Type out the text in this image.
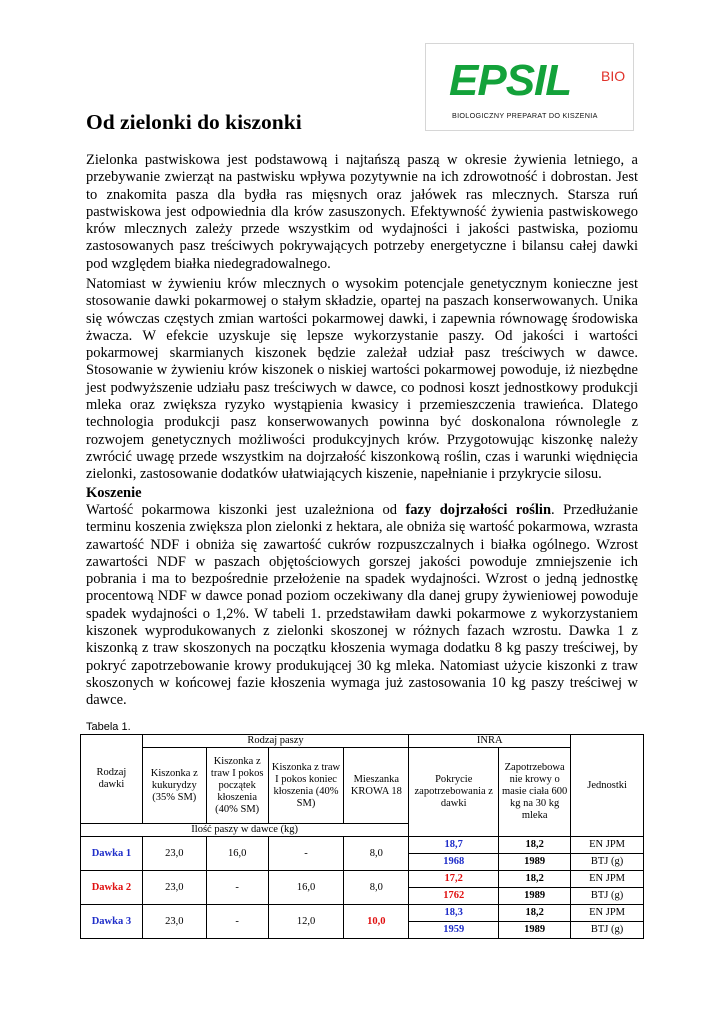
EPSIL BIO
BIOLOGICZNY PREPARAT DO KISZENIA
Od zielonki do kiszonki

Zielonka pastwiskowa jest podstawową i najtańszą paszą w okresie żywienia letniego, a przebywanie zwierząt na pastwisku wpływa pozytywnie na ich zdrowotność i dobrostan. Jest to znakomita pasza dla bydła ras mięsnych oraz jałówek ras mlecznych. Starsza ruń pastwiskowa jest odpowiednia dla krów zasuszonych. Efektywność żywienia pastwiskowego krów mlecznych zależy przede wszystkim od wydajności i jakości pastwiska, poziomu zastosowanych pasz treściwych pokrywających potrzeby energetyczne i bilansu całej dawki pod względem białka niedegradowalnego.

Natomiast w żywieniu krów mlecznych o wysokim potencjale genetycznym konieczne jest stosowanie dawki pokarmowej o stałym składzie, opartej na paszach konserwowanych. Unika się wówczas częstych zmian wartości pokarmowej dawki, i zapewnia równowagę środowiska żwacza. W efekcie uzyskuje się lepsze wykorzystanie paszy. Od jakości i wartości pokarmowej skarmianych kiszonek będzie zależał udział pasz treściwych w dawce. Stosowanie w żywieniu krów kiszonek o niskiej wartości pokarmowej powoduje, iż niezbędne jest podwyższenie udziału pasz treściwych w dawce, co podnosi koszt jednostkowy produkcji mleka oraz zwiększa ryzyko wystąpienia kwasicy i przemieszczenia trawieńca. Dlatego technologia produkcji pasz konserwowanych powinna być doskonalona równolegle z rozwojem genetycznych możliwości produkcyjnych krów. Przygotowując kiszonkę należy zwrócić uwagę przede wszystkim na dojrzałość kiszonkową roślin, czas i warunki więdnięcia zielonki, zastosowanie dodatków ułatwiających kiszenie, napełnianie i przykrycie silosu.

Koszenie

Wartość pokarmowa kiszonki jest uzależniona od fazy dojrzałości roślin. Przedłużanie terminu koszenia zwiększa plon zielonki z hektara, ale obniża się wartość pokarmowa, wzrasta zawartość NDF i obniża się zawartość cukrów rozpuszczalnych i białka ogólnego. Wzrost zawartości NDF w paszach objętościowych gorszej jakości powoduje zmniejszenie ich pobrania i ma to bezpośrednie przełożenie na spadek wydajności. Wzrost o jedną jednostkę procentową NDF w dawce ponad poziom oczekiwany dla danej grupy żywieniowej powoduje spadek wydajności o 1,2%. W tabeli 1. przedstawiłam dawki pokarmowe z wykorzystaniem kiszonek wyprodukowanych z zielonki skoszonej w różnych fazach wzrostu. Dawka 1 z kiszonką z traw skoszonych na początku kłoszenia wymaga dodatku 8 kg paszy treściwej, by pokryć zapotrzebowanie krowy produkującej 30 kg mleka. Natomiast użycie kiszonki z traw skoszonych w końcowej fazie kłoszenia wymaga już zastosowania 10 kg paszy treściwej w dawce.

Tabela 1.
Rodzaj dawki	Rodzaj paszy				INRA		Jednostki
	Kiszonka z kukurydzy (35% SM)	Kiszonka z traw I pokos początek kłoszenia (40% SM)	Kiszonka z traw I pokos koniec kłoszenia (40% SM)	Mieszanka KROWA 18	Pokrycie zapotrzebowania z dawki	Zapotrzebowa nie krowy o masie ciała 600 kg na 30 kg mleka	
Ilość paszy w dawce (kg)							
Dawka 1	23,0	16,0	-	8,0	18,7	18,2	EN JPM
					1968	1989	BTJ (g)
Dawka 2	23,0	-	16,0	8,0	17,2	18,2	EN JPM
					1762	1989	BTJ (g)
Dawka 3	23,0	-	12,0	10,0	18,3	18,2	EN JPM
					1959	1989	BTJ (g)
